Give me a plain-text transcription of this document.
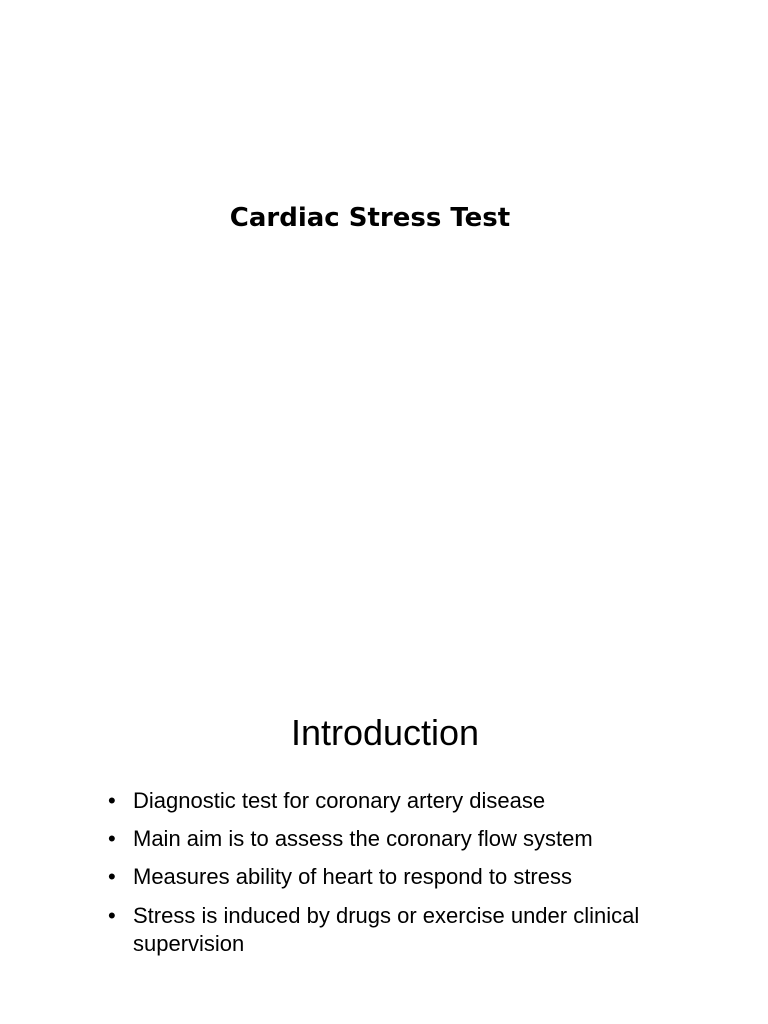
Cardiac Stress Test
Introduction
• Diagnostic test for coronary artery disease
• Main aim is to assess the coronary flow system
• Measures ability of heart to respond to stress
• Stress is induced by drugs or exercise under clinical supervision
